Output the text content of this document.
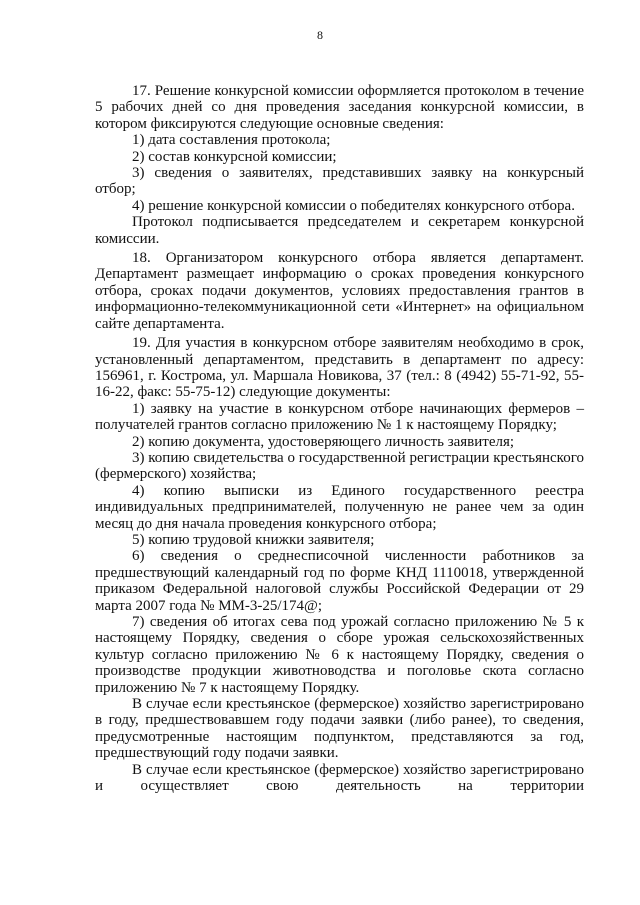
8

17. Решение конкурсной комиссии оформляется протоколом в течение 5 рабочих дней со дня проведения заседания конкурсной комиссии, в котором фиксируются следующие основные сведения:

1) дата составления протокола;

2) состав конкурсной комиссии;

3) сведения о заявителях, представивших заявку на конкурсный отбор;

4) решение конкурсной комиссии о победителях конкурсного отбора.

Протокол подписывается председателем и секретарем конкурсной комиссии.

18. Организатором конкурсного отбора является департамент. Департамент размещает информацию о сроках проведения конкурсного отбора, сроках подачи документов, условиях предоставления грантов в информационно-телекоммуникационной сети «Интернет» на официальном сайте департамента.

19. Для участия в конкурсном отборе заявителям необходимо в срок, установленный департаментом, представить в департамент по адресу: 156961, г. Кострома, ул. Маршала Новикова, 37 (тел.: 8 (4942) 55-71-92, 55-16-22, факс: 55-75-12) следующие документы:

1) заявку на участие в конкурсном отборе начинающих фермеров – получателей грантов согласно приложению № 1 к настоящему Порядку;

2) копию документа, удостоверяющего личность заявителя;

3) копию свидетельства о государственной регистрации крестьянского (фермерского) хозяйства;

4) копию выписки из Единого государственного реестра индивидуальных предпринимателей, полученную не ранее чем за один месяц до дня начала проведения конкурсного отбора;

5) копию трудовой книжки заявителя;

6) сведения о среднесписочной численности работников за предшествующий календарный год по форме КНД 1110018, утвержденной приказом Федеральной налоговой службы Российской Федерации от 29 марта 2007 года № ММ-3-25/174@;

7) сведения об итогах сева под урожай согласно приложению № 5 к настоящему Порядку, сведения о сборе урожая сельскохозяйственных культур согласно приложению № 6 к настоящему Порядку, сведения о производстве продукции животноводства и поголовье скота согласно приложению № 7 к настоящему Порядку.

В случае если крестьянское (фермерское) хозяйство зарегистрировано в году, предшествовавшем году подачи заявки (либо ранее), то сведения, предусмотренные настоящим подпунктом, представляются за год, предшествующий году подачи заявки.

В случае если крестьянское (фермерское) хозяйство зарегистрировано и осуществляет свою деятельность на территории
